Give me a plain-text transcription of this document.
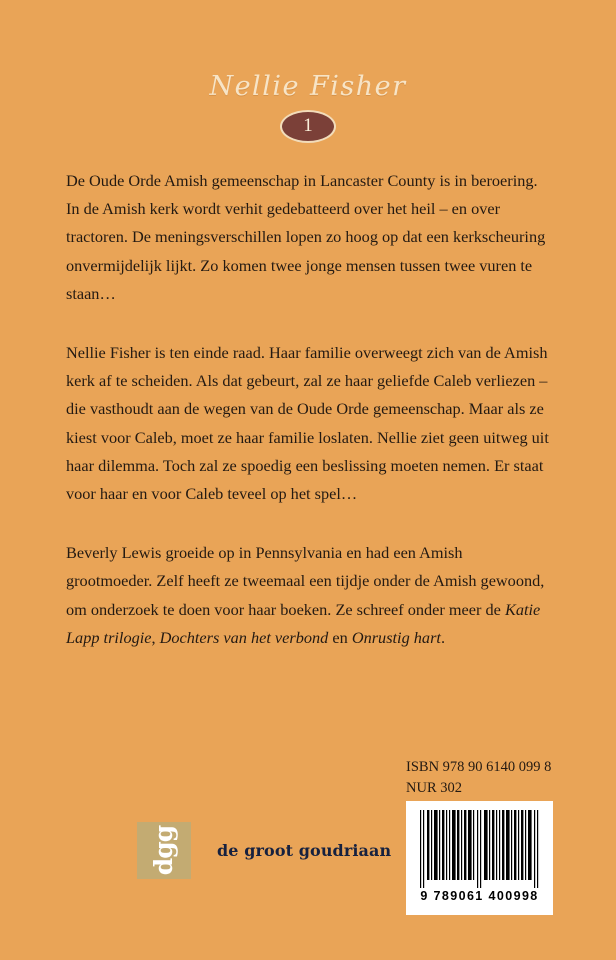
Nellie Fisher
1

De Oude Orde Amish gemeenschap in Lancaster County is in beroering. In de Amish kerk wordt verhit gedebatteerd over het heil – en over tractoren. De meningsverschillen lopen zo hoog op dat een kerkscheuring onvermijdelijk lijkt. Zo komen twee jonge mensen tussen twee vuren te staan…

Nellie Fisher is ten einde raad. Haar familie overweegt zich van de Amish kerk af te scheiden. Als dat gebeurt, zal ze haar geliefde Caleb verliezen – die vasthoudt aan de wegen van de Oude Orde gemeenschap. Maar als ze kiest voor Caleb, moet ze haar familie loslaten. Nellie ziet geen uitweg uit haar dilemma. Toch zal ze spoedig een beslissing moeten nemen. Er staat voor haar en voor Caleb teveel op het spel…

Beverly Lewis groeide op in Pennsylvania en had een Amish grootmoeder. Zelf heeft ze tweemaal een tijdje onder de Amish gewoond, om onderzoek te doen voor haar boeken. Ze schreef onder meer de Katie Lapp trilogie, Dochters van het verbond en Onrustig hart.

ISBN 978 90 6140 099 8
NUR 302
9 789061 400998
dgg de groot goudriaan
